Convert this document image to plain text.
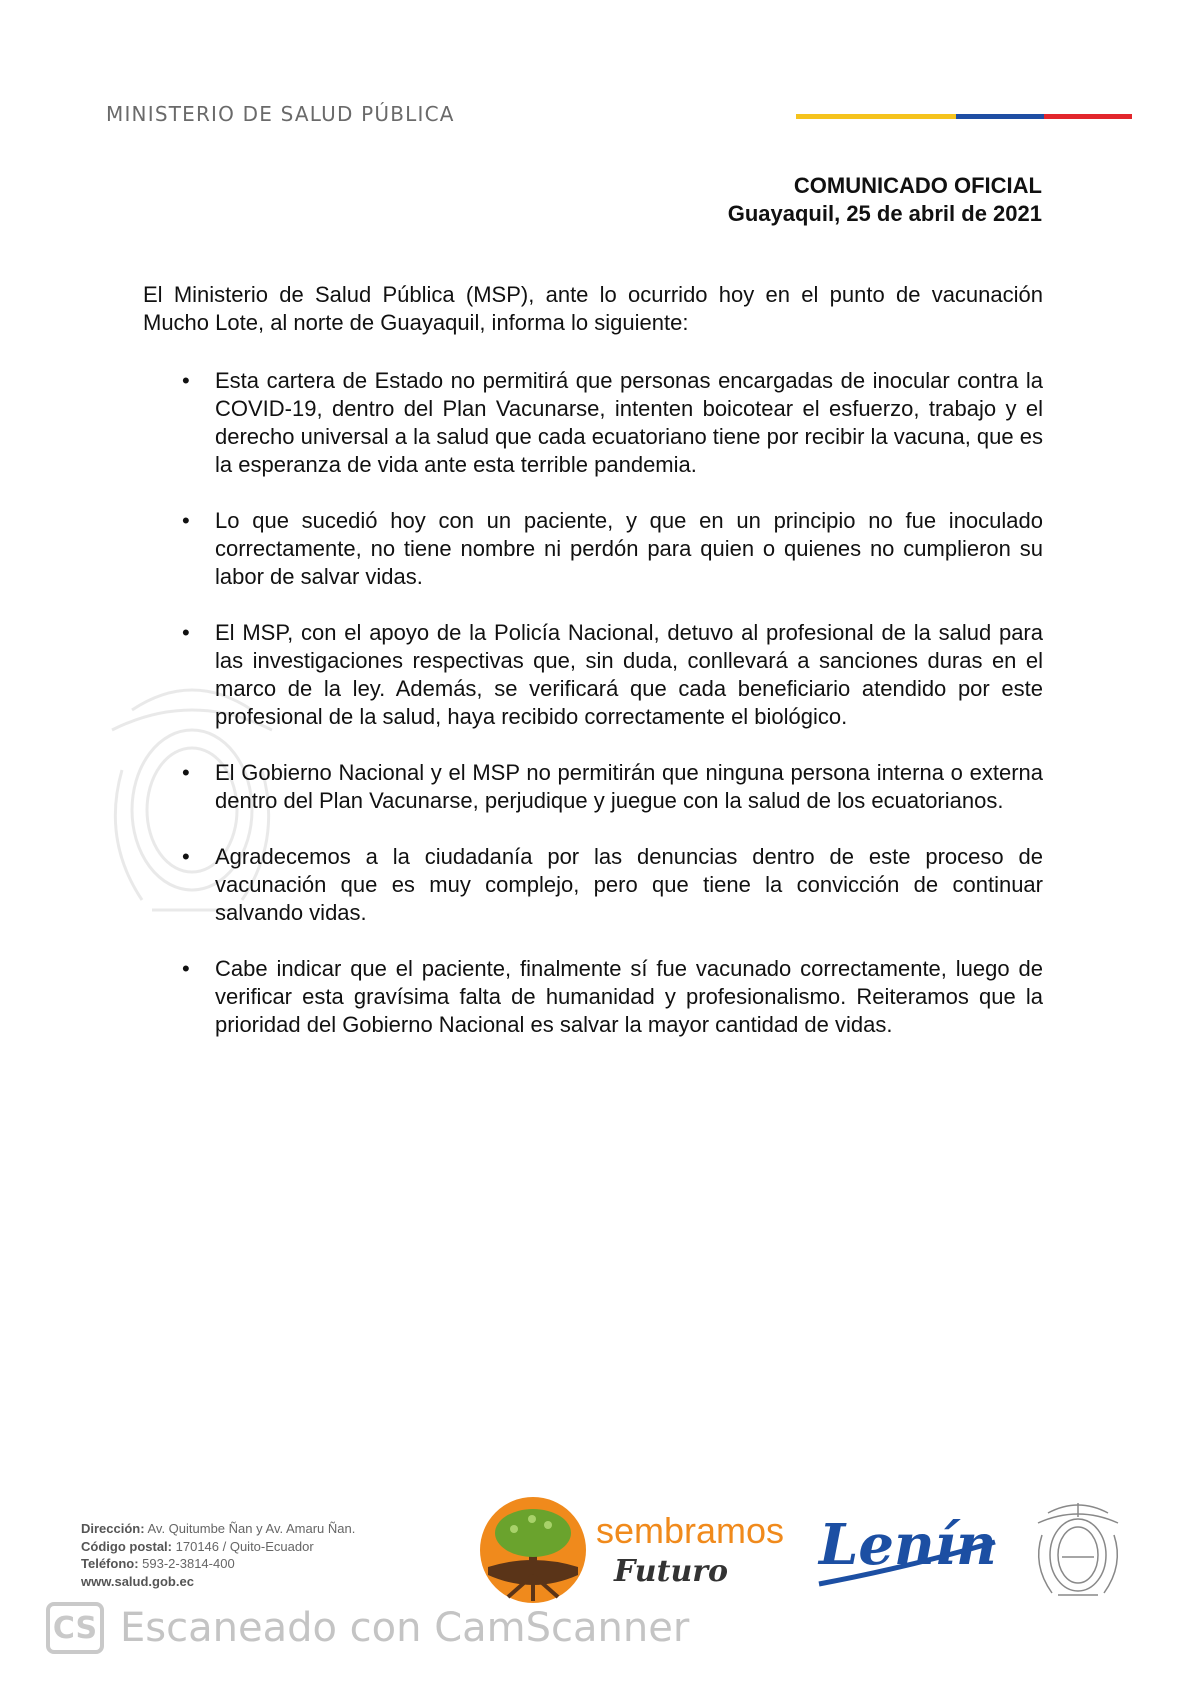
MINISTERIO DE SALUD PÚBLICA
COMUNICADO OFICIAL
Guayaquil, 25 de abril de 2021

El Ministerio de Salud Pública (MSP), ante lo ocurrido hoy en el punto de vacunación Mucho Lote, al norte de Guayaquil, informa lo siguiente:

• Esta cartera de Estado no permitirá que personas encargadas de inocular contra la COVID-19, dentro del Plan Vacunarse, intenten boicotear el esfuerzo, trabajo y el derecho universal a la salud que cada ecuatoriano tiene por recibir la vacuna, que es la esperanza de vida ante esta terrible pandemia.
• Lo que sucedió hoy con un paciente, y que en un principio no fue inoculado correctamente, no tiene nombre ni perdón para quien o quienes no cumplieron su labor de salvar vidas.
• El MSP, con el apoyo de la Policía Nacional, detuvo al profesional de la salud para las investigaciones respectivas que, sin duda, conllevará a sanciones duras en el marco de la ley. Además, se verificará que cada beneficiario atendido por este profesional de la salud, haya recibido correctamente el biológico.
• El Gobierno Nacional y el MSP no permitirán que ninguna persona interna o externa dentro del Plan Vacunarse, perjudique y juegue con la salud de los ecuatorianos.
• Agradecemos a la ciudadanía por las denuncias dentro de este proceso de vacunación que es muy complejo, pero que tiene la convicción de continuar salvando vidas.
• Cabe indicar que el paciente, finalmente sí fue vacunado correctamente, luego de verificar esta gravísima falta de humanidad y profesionalismo. Reiteramos que la prioridad del Gobierno Nacional es salvar la mayor cantidad de vidas.
Dirección: Av. Quitumbe Ñan y Av. Amaru Ñan.
Código postal: 170146 / Quito-Ecuador
Teléfono: 593-2-3814-400
www.salud.gob.ec
sembramos
Futuro Lenín
CS Escaneado con CamScanner
